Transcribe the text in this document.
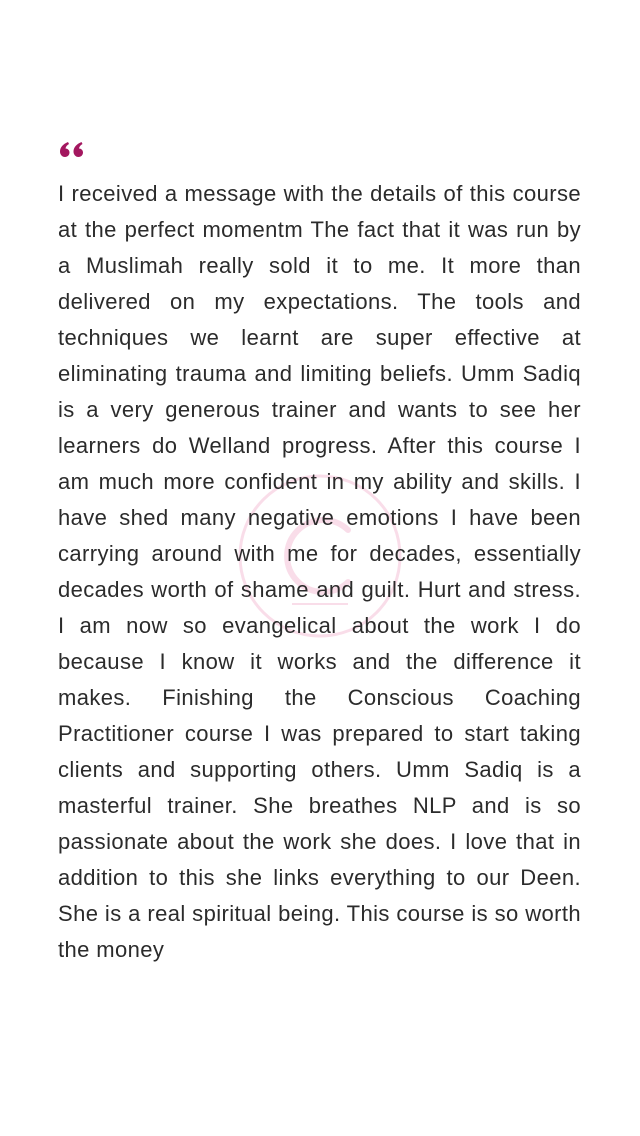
I received a message with the details of this course at the perfect momentm The fact that it was run by a Muslimah really sold it to me. It more than delivered on my expectations. The tools and techniques we learnt are super effective at eliminating trauma and limiting beliefs. Umm Sadiq is a very generous trainer and wants to see her learners do Welland progress. After this course I am much more confident in my ability and skills. I have shed many negative emotions I have been carrying around with me for decades, essentially decades worth of shame and guilt. Hurt and stress. I am now so evangelical about the work I do because I know it works and the difference it makes. Finishing the Conscious Coaching Practitioner course I was prepared to start taking clients and supporting others. Umm Sadiq is a masterful trainer. She breathes NLP and is so passionate about the work she does. I love that in addition to this she links everything to our Deen. She is a real spiritual being. This course is so worth the money
